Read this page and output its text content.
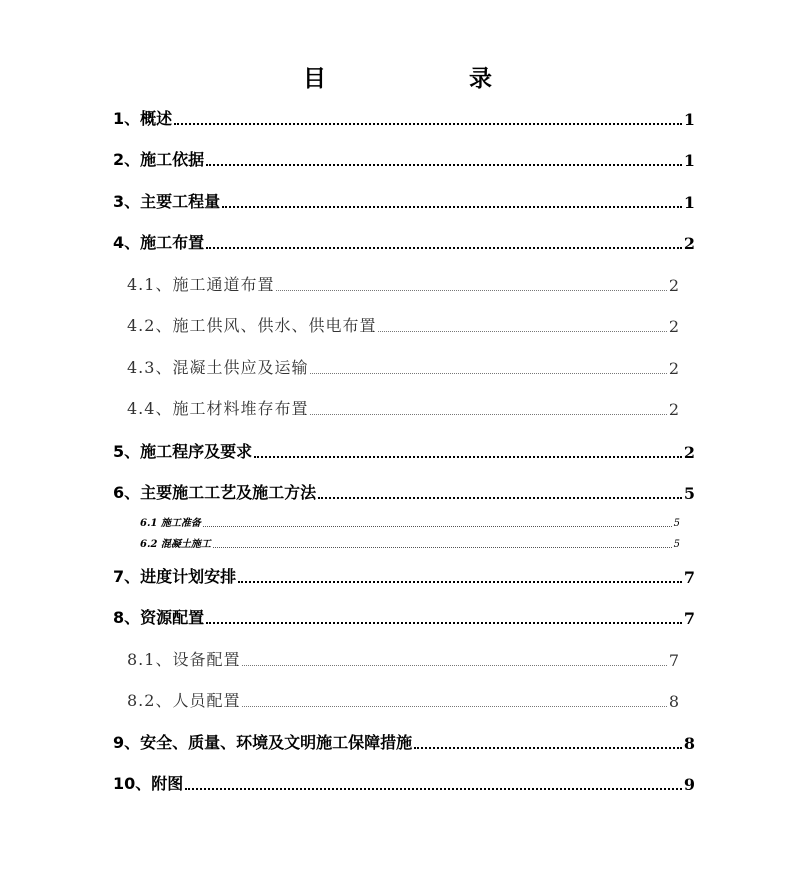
目　录
1、概述	1
2、施工依据	1
3、主要工程量	1
4、施工布置	2
4.1、施工通道布置	2
4.2、施工供风、供水、供电布置	2
4.3、混凝土供应及运输	2
4.4、施工材料堆存布置	2
5、施工程序及要求	2
6、主要施工工艺及施工方法	5
6.1 施工准备	5
6.2 混凝土施工	5
7、进度计划安排	7
8、资源配置	7
8.1、设备配置	7
8.2、人员配置	8
9、安全、质量、环境及文明施工保障措施	8
10、附图	9
